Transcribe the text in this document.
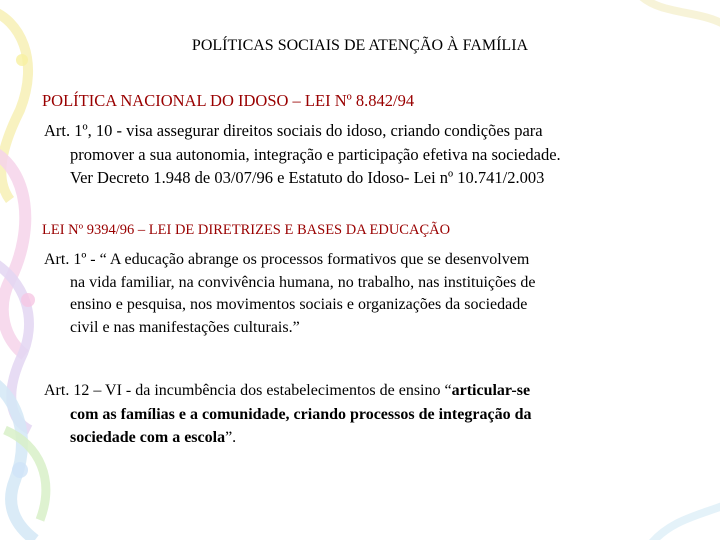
POLÍTICAS SOCIAIS DE ATENÇÃO À FAMÍLIA
POLÍTICA NACIONAL DO IDOSO – LEI Nº 8.842/94
Art. 1º, 10 - visa assegurar direitos sociais do idoso, criando condições para
promover a sua autonomia, integração e participação efetiva na sociedade.
Ver Decreto 1.948 de 03/07/96 e Estatuto do Idoso- Lei nº 10.741/2.003
LEI Nº 9394/96 – LEI DE DIRETRIZES E BASES DA EDUCAÇÃO
Art. 1º - “ A educação abrange os processos formativos que se desenvolvem
na vida familiar, na convivência humana, no trabalho, nas instituições de
ensino e pesquisa, nos movimentos sociais e organizações da sociedade
civil e nas manifestações culturais.”
Art. 12 – VI - da incumbência dos estabelecimentos de ensino “articular-se
com as famílias e a comunidade, criando processos de integração da
sociedade com a escola”.
